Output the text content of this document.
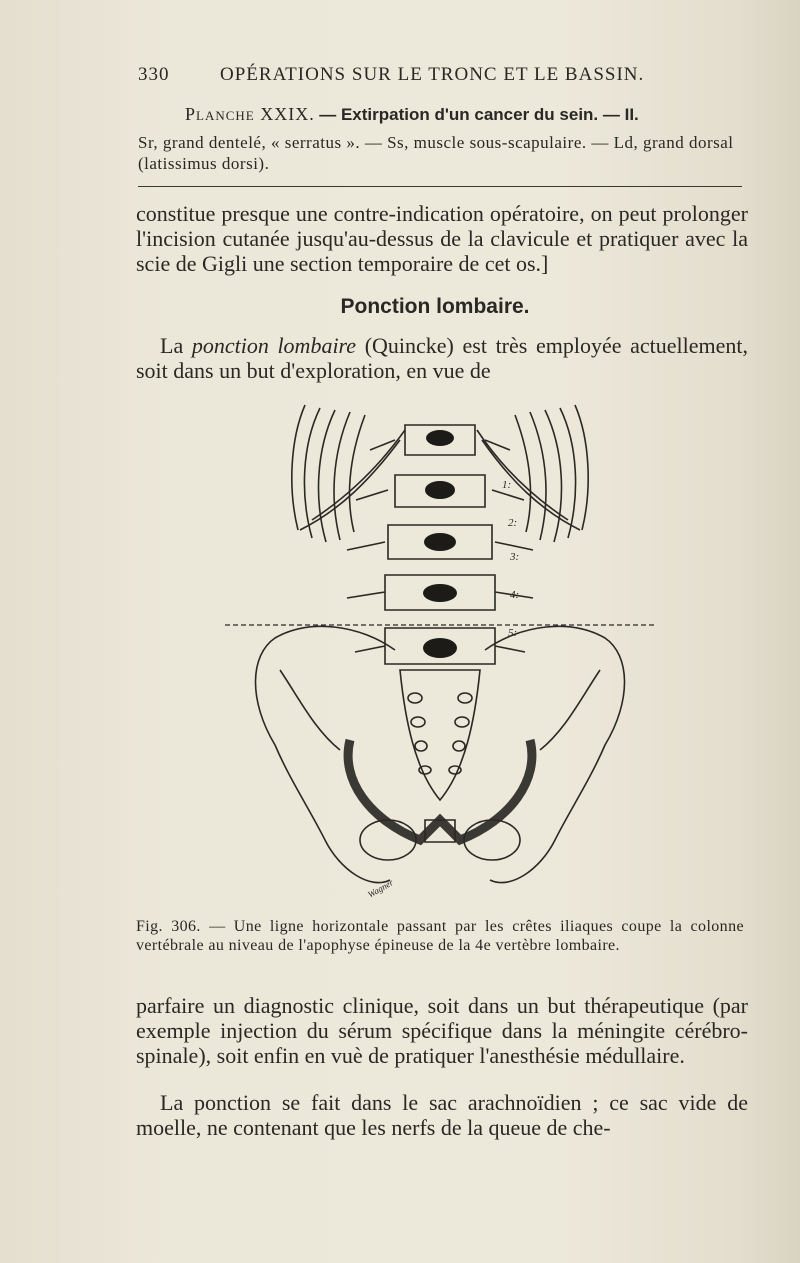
330	OPÉRATIONS SUR LE TRONC ET LE BASSIN.
Planche XXIX. — Extirpation d'un cancer du sein. — II.
Sr, grand dentelé, « serratus ». — Ss, muscle sous-scapulaire. — Ld, grand dorsal (latissimus dorsi).
constitue presque une contre-indication opératoire, on peut prolonger l'incision cutanée jusqu'au-dessus de la clavicule et pratiquer avec la scie de Gigli une section temporaire de cet os.]
Ponction lombaire.
La ponction lombaire (Quincke) est très employée actuellement, soit dans un but d'exploration, en vue de
1:
2:
3:
4:
5:
Wagner
Fig. 306. — Une ligne horizontale passant par les crêtes iliaques coupe la colonne vertébrale au niveau de l'apophyse épineuse de la 4e vertèbre lombaire.
parfaire un diagnostic clinique, soit dans un but thérapeutique (par exemple injection du sérum spécifique dans la méningite cérébro-spinale), soit enfin en vuè de pratiquer l'anesthésie médullaire.
La ponction se fait dans le sac arachnoïdien ; ce sac vide de moelle, ne contenant que les nerfs de la queue de che-
